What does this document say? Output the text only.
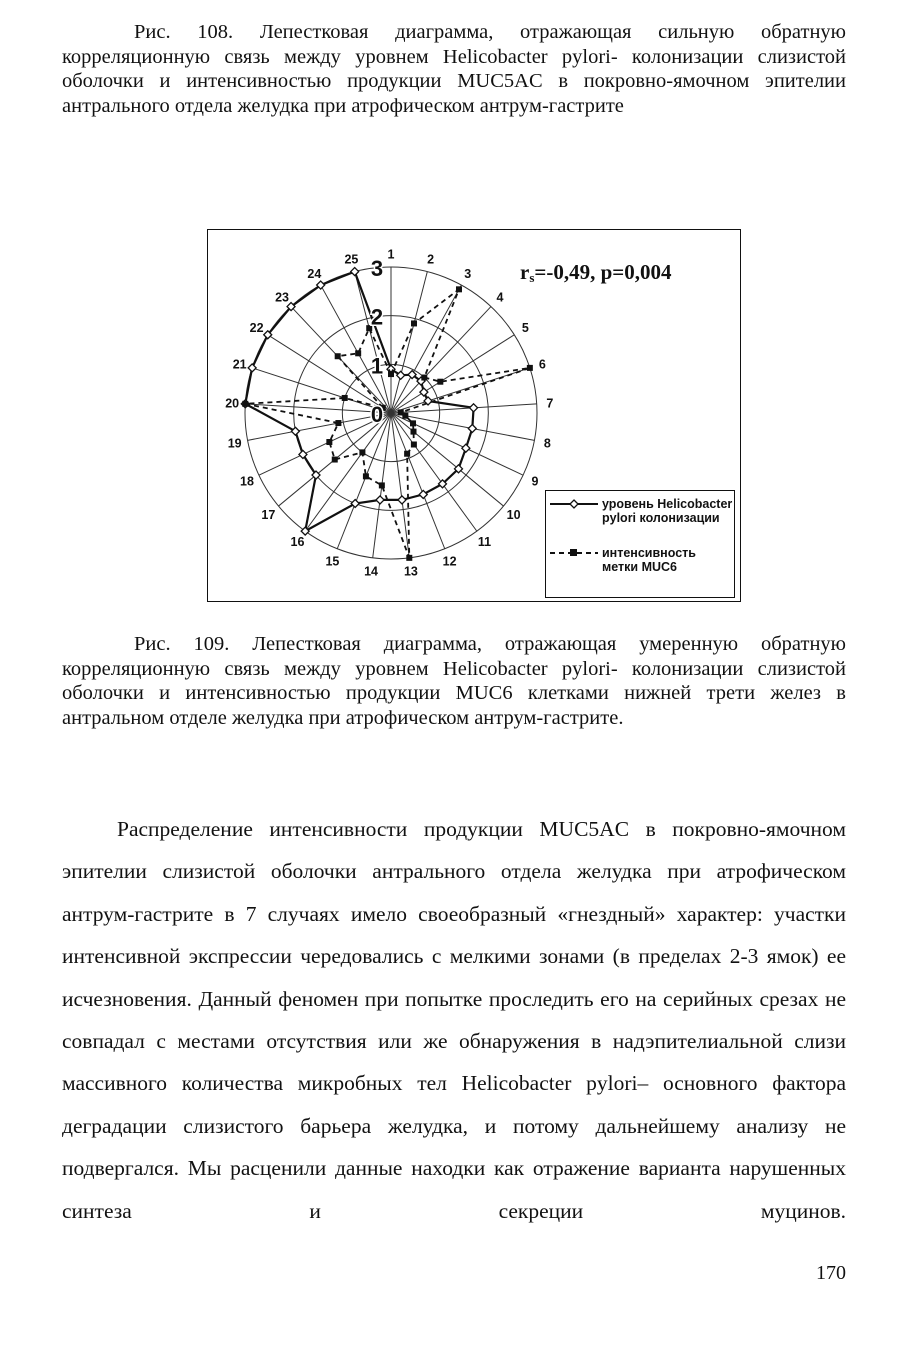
Рис. 108. Лепестковая диаграмма, отражающая сильную обратную корреляционную связь между уровнем Helicobacter pylori- колонизации слизистой оболочки и интенсивностью продукции MUC5AC в покровно-ямочном эпителии антрального отдела желудка при атрофическом антрум-гастрите

1	2
3
4
5
6
7
8
9
10
11
12
13
14
15
16
17
18
19
20
21
22
23
24
25
0
1
2
3	$r_s=-0,49$, p=0,004
уровень Helicobacter pylori колонизации
интенсивность метки MUC6

Рис. 109. Лепестковая диаграмма, отражающая умеренную обратную корреляционную связь между уровнем Helicobacter pylori- колонизации слизистой оболочки и интенсивностью продукции MUC6 клетками нижней трети желез в антральном отделе желудка при атрофическом антрум-гастрите.

Распределение интенсивности продукции MUC5AC в покровно-ямочном эпителии слизистой оболочки антрального отдела желудка при атрофическом антрум-гастрите в 7 случаях имело своеобразный «гнездный» характер: участки интенсивной экспрессии чередовались с мелкими зонами (в пределах 2-3 ямок) ее исчезновения. Данный феномен при попытке проследить его на серийных срезах не совпадал с местами отсутствия или же обнаружения в надэпителиальной слизи массивного количества микробных тел Helicobacter pylori– основного фактора деградации слизистого барьера желудка, и потому дальнейшему анализу не подвергался. Мы расценили данные находки как отражение варианта нарушенных синтеза и секреции муцинов.

170
